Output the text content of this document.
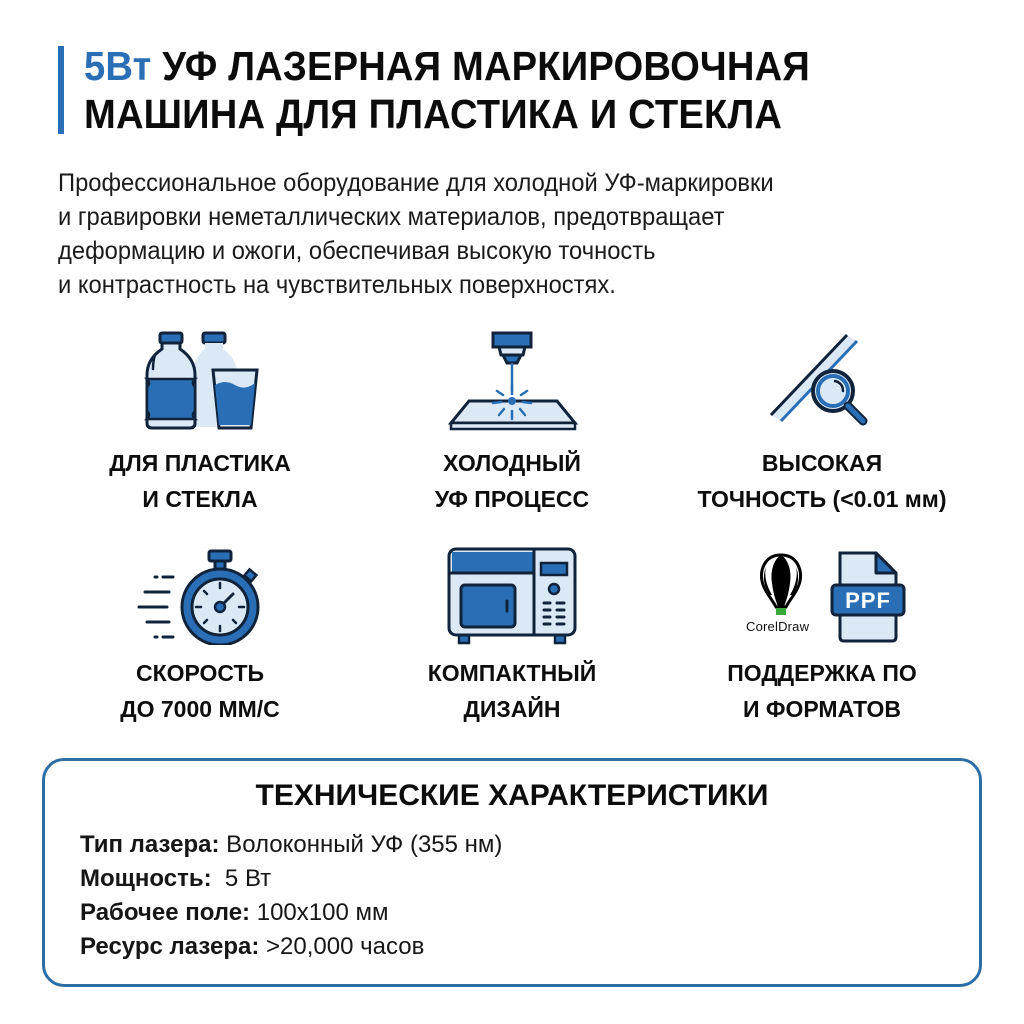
5Вт УФ ЛАЗЕРНАЯ МАРКИРОВОЧНАЯ
МАШИНА ДЛЯ ПЛАСТИКА И СТЕКЛА
Профессиональное оборудование для холодной УФ-маркировки
и гравировки неметаллических материалов, предотвращает
деформацию и ожоги, обеспечивая высокую точность
и контрастность на чувствительных поверхностях.
ДЛЯ ПЛАСТИКА
И СТЕКЛА
ХОЛОДНЫЙ
УФ ПРОЦЕСС
ВЫСОКАЯ
ТОЧНОСТЬ (<0.01 мм)
СКОРОСТЬ
ДО 7000 ММ/С
КОМПАКТНЫЙ
ДИЗАЙН
CorelDraw
PPF
ПОДДЕРЖКА ПО
И ФОРМАТОВ
ТЕХНИЧЕСКИЕ ХАРАКТЕРИСТИКИ
Тип лазера: Волоконный УФ (355 нм)
Мощность:  5 Вт
Рабочее поле: 100x100 мм
Ресурс лазера: >20,000 часов
